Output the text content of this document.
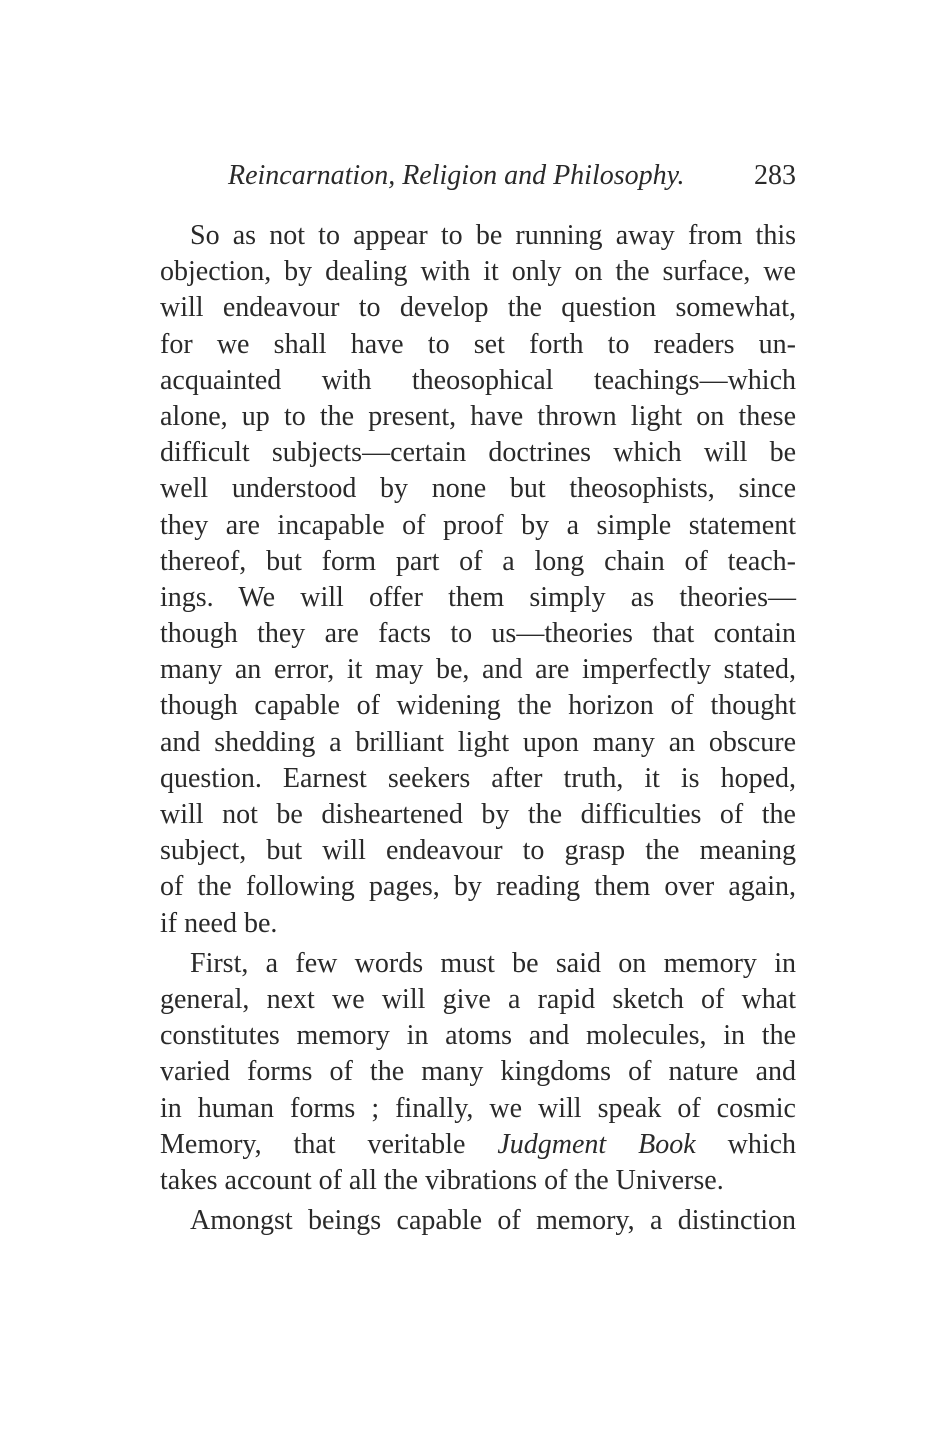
Reincarnation, Religion and Philosophy. 283
So as not to appear to be running away from this
objection, by dealing with it only on the surface, we
will endeavour to develop the question somewhat,
for we shall have to set forth to readers un-
acquainted with theosophical teachings—which
alone, up to the present, have thrown light on these
difficult subjects—certain doctrines which will be
well understood by none but theosophists, since
they are incapable of proof by a simple statement
thereof, but form part of a long chain of teach-
ings. We will offer them simply as theories—
though they are facts to us—theories that contain
many an error, it may be, and are imperfectly stated,
though capable of widening the horizon of thought
and shedding a brilliant light upon many an obscure
question. Earnest seekers after truth, it is hoped,
will not be disheartened by the difficulties of the
subject, but will endeavour to grasp the meaning
of the following pages, by reading them over again,
if need be.
First, a few words must be said on memory in
general, next we will give a rapid sketch of what
constitutes memory in atoms and molecules, in the
varied forms of the many kingdoms of nature and
in human forms ; finally, we will speak of cosmic
Memory, that veritable Judgment Book which
takes account of all the vibrations of the Universe.
Amongst beings capable of memory, a distinction
